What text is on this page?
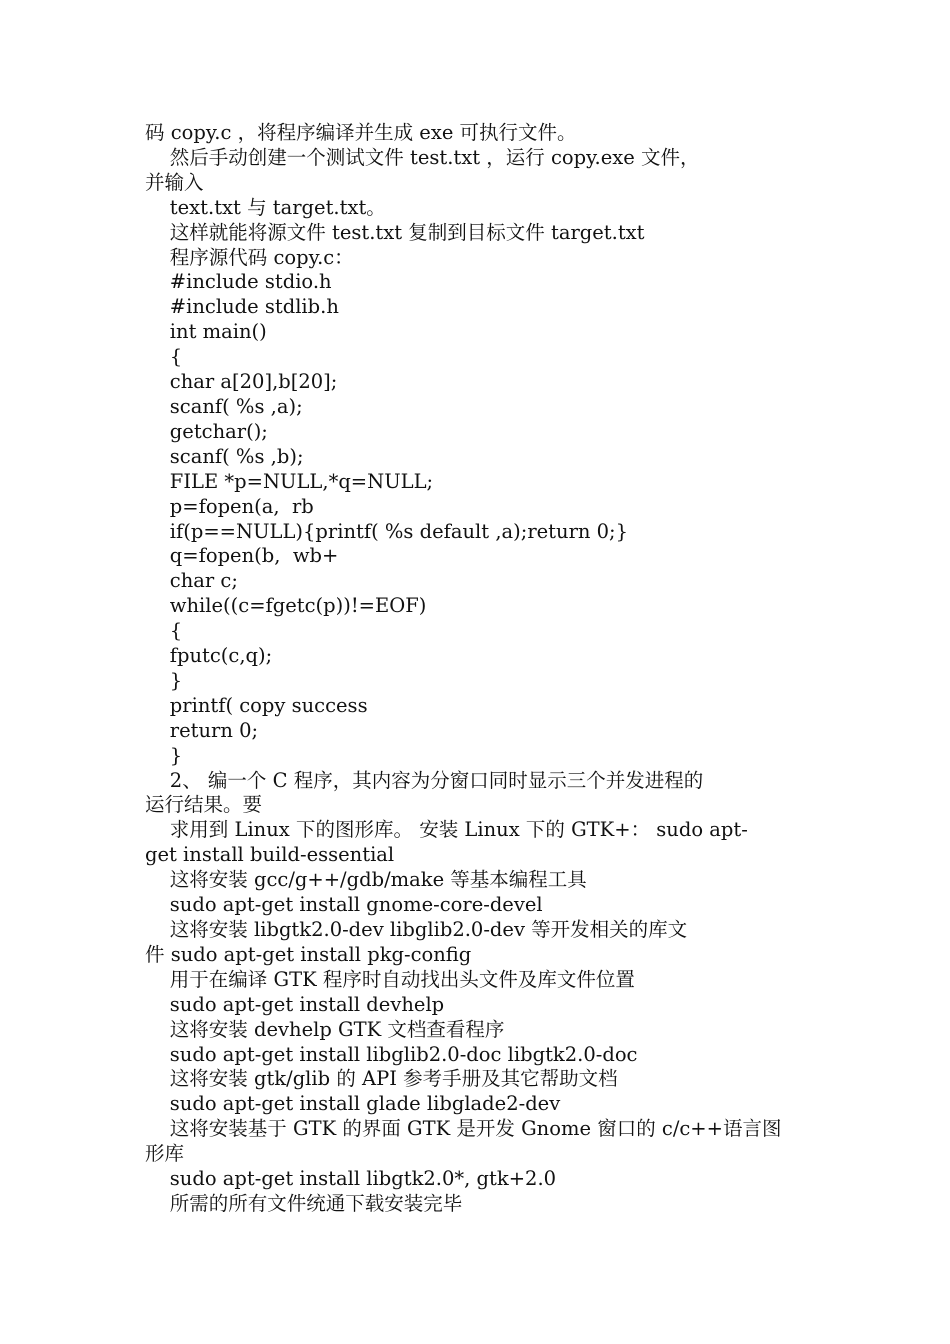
码 copy.c ，将程序编译并生成 exe 可执行文件。
然后手动创建一个测试文件 test.txt ，运行 copy.exe 文件，
并输入
text.txt 与 target.txt。
这样就能将源文件 test.txt 复制到目标文件 target.txt
程序源代码 copy.c：
#include stdio.h
#include stdlib.h
int main()
{
char a[20],b[20];
scanf( %s ,a);
getchar();
scanf( %s ,b);
FILE *p=NULL,*q=NULL;
p=fopen(a,  rb
if(p==NULL){printf( %s default ,a);return 0;}
q=fopen(b,  wb+
char c;
while((c=fgetc(p))!=EOF)
{
fputc(c,q);
}
printf( copy success
return 0;
}
2、 编一个 C 程序，其内容为分窗口同时显示三个并发进程的
运行结果。要
求用到 Linux 下的图形库。 安装 Linux 下的 GTK+： sudo apt-
get install build-essential
这将安装 gcc/g++/gdb/make 等基本编程工具
sudo apt-get install gnome-core-devel
这将安装 libgtk2.0-dev libglib2.0-dev 等开发相关的库文
件 sudo apt-get install pkg-config
用于在编译 GTK 程序时自动找出头文件及库文件位置
sudo apt-get install devhelp
这将安装 devhelp GTK 文档查看程序
sudo apt-get install libglib2.0-doc libgtk2.0-doc
这将安装 gtk/glib 的 API 参考手册及其它帮助文档
sudo apt-get install glade libglade2-dev
这将安装基于 GTK 的界面 GTK 是开发 Gnome 窗口的 c/c++语言图
形库
sudo apt-get install libgtk2.0*, gtk+2.0
所需的所有文件统通下载安装完毕
